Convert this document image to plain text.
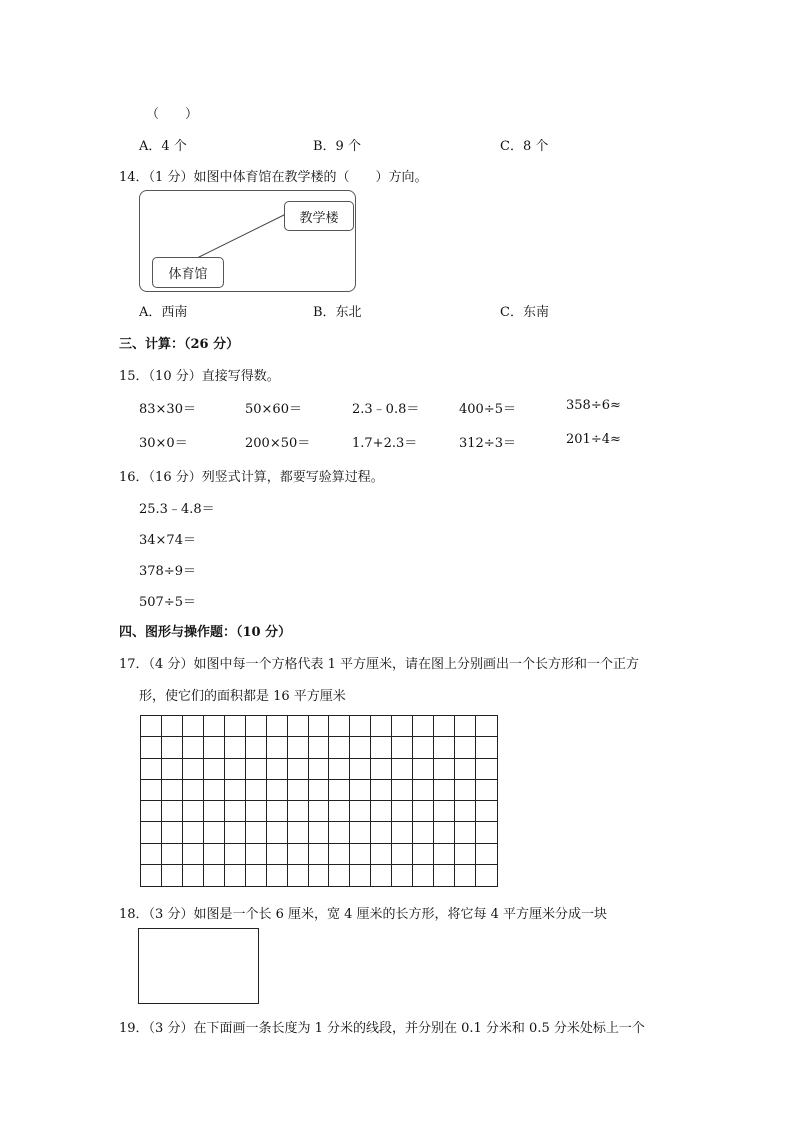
（　　）
A．4 个	B．9 个	C．8 个
14．（1 分）如图中体育馆在教学楼的（　　）方向。
教学楼
体育馆
A．西南	B．东北	C．东南
三、计算：（26 分）
15．（10 分）直接写得数。
83×30＝	50×60＝	2.3﹣0.8＝	400÷5＝	358÷6≈
30×0＝	200×50＝	1.7+2.3＝	312÷3＝	201÷4≈
16．（16 分）列竖式计算，都要写验算过程。
25.3﹣4.8＝
34×74＝
378÷9＝
507÷5＝
四、图形与操作题：（10 分）
17．（4 分）如图中每一个方格代表 1 平方厘米，请在图上分别画出一个长方形和一个正方
形，使它们的面积都是 16 平方厘米
18．（3 分）如图是一个长 6 厘米，宽 4 厘米的长方形，将它每 4 平方厘米分成一块
19．（3 分）在下面画一条长度为 1 分米的线段，并分别在 0.1 分米和 0.5 分米处标上一个
